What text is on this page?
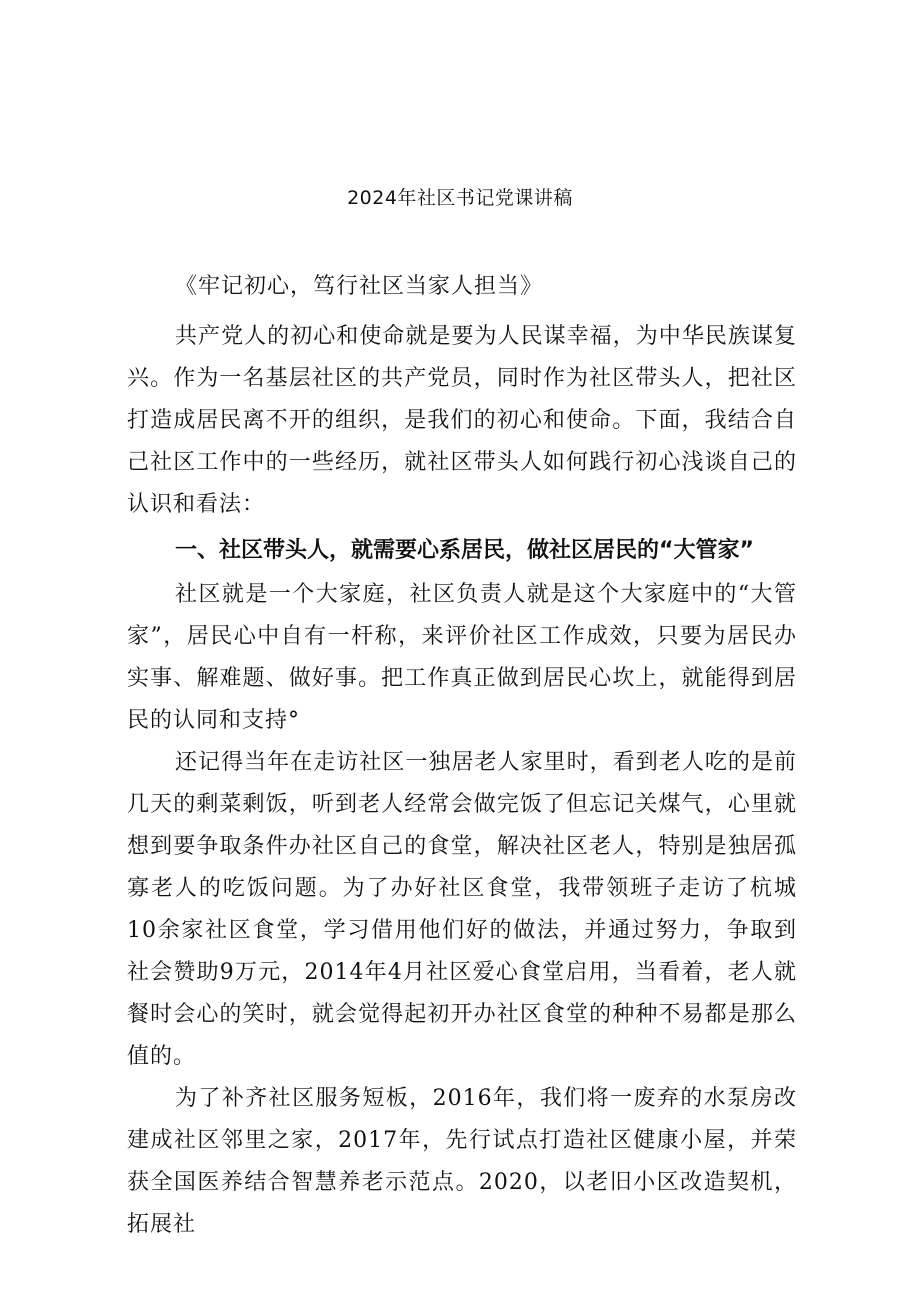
2024年社区书记党课讲稿

《牢记初心，笃行社区当家人担当》

共产党人的初心和使命就是要为人民谋幸福，为中华民族谋复兴。作为一名基层社区的共产党员，同时作为社区带头人，把社区打造成居民离不开的组织，是我们的初心和使命。下面，我结合自己社区工作中的一些经历，就社区带头人如何践行初心浅谈自己的认识和看法：

一、社区带头人，就需要心系居民，做社区居民的“大管家”

社区就是一个大家庭，社区负责人就是这个大家庭中的“大管家”，居民心中自有一杆称，来评价社区工作成效，只要为居民办实事、解难题、做好事。把工作真正做到居民心坎上，就能得到居民的认同和支持°

还记得当年在走访社区一独居老人家里时，看到老人吃的是前几天的剩菜剩饭，听到老人经常会做完饭了但忘记关煤气，心里就想到要争取条件办社区自己的食堂，解决社区老人，特别是独居孤寡老人的吃饭问题。为了办好社区食堂，我带领班子走访了杭城10余家社区食堂，学习借用他们好的做法，并通过努力，争取到社会赞助9万元，2014年4月社区爱心食堂启用，当看着，老人就餐时会心的笑时，就会觉得起初开办社区食堂的种种不易都是那么值的。

为了补齐社区服务短板，2016年，我们将一废弃的水泵房改建成社区邻里之家，2017年，先行试点打造社区健康小屋，并荣获全国医养结合智慧养老示范点。2020，以老旧小区改造契机，拓展社
